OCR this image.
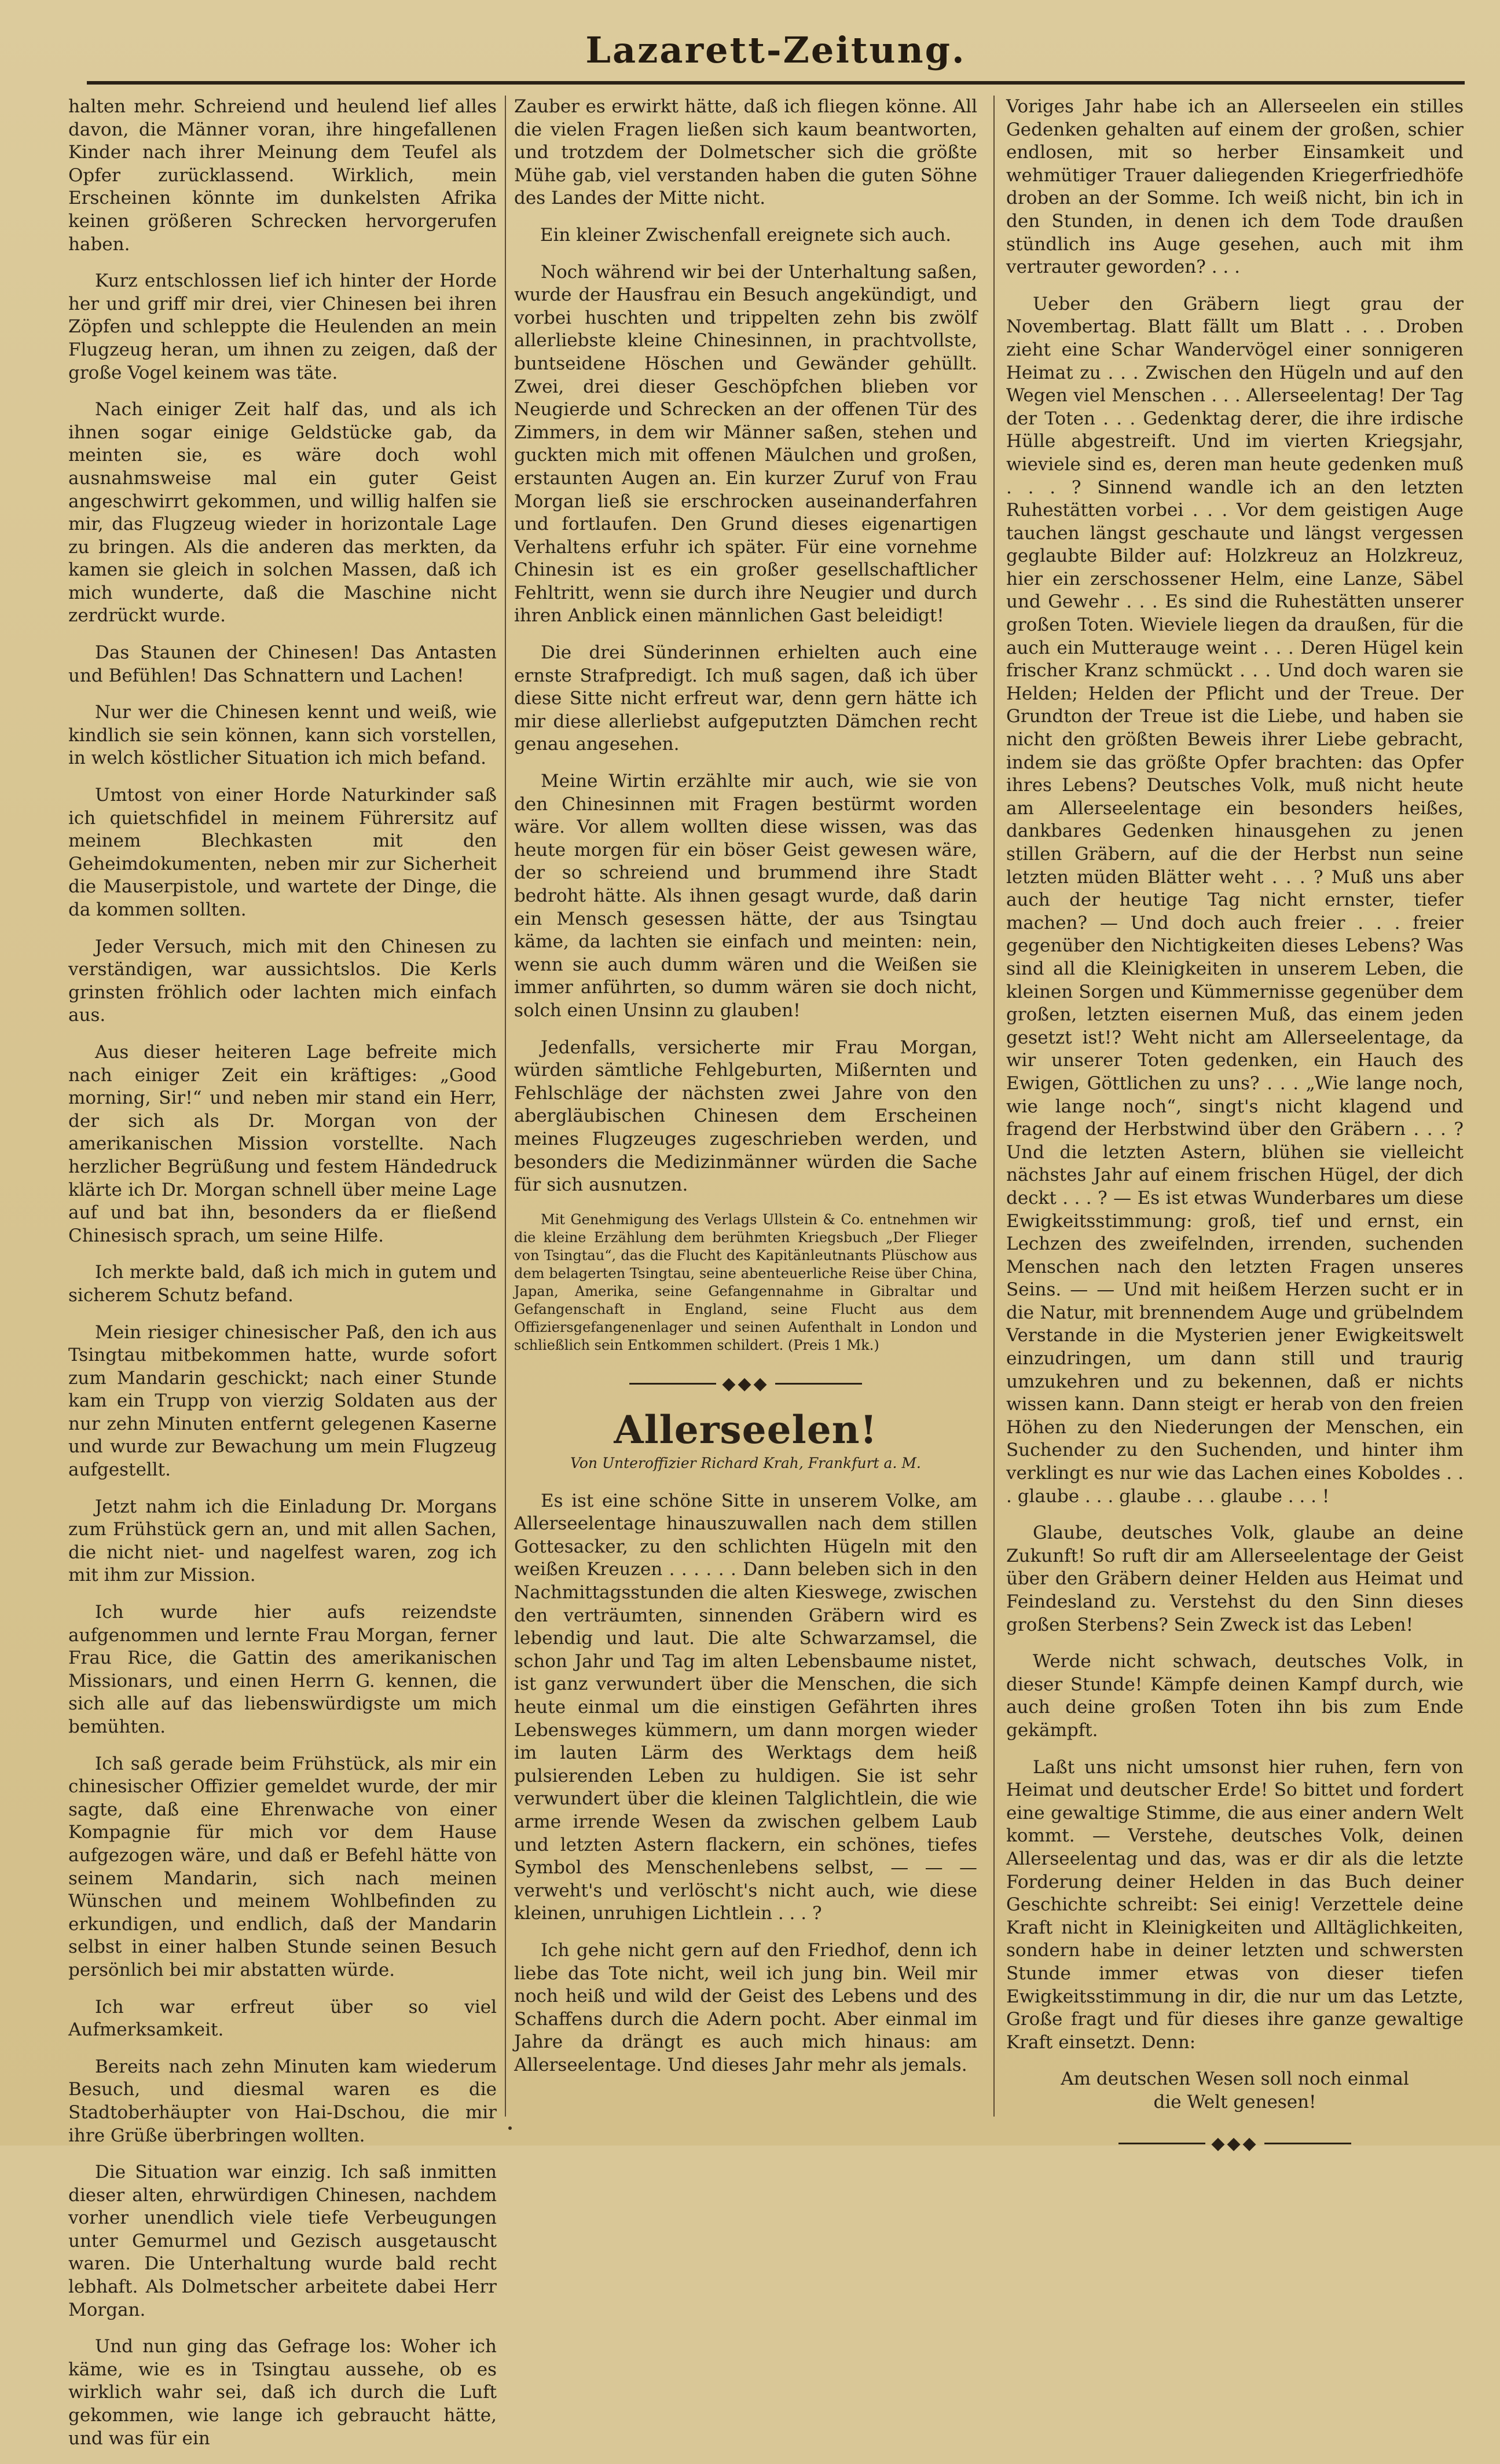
Lazarett-Zeitung.

halten mehr. Schreiend und heulend lief alles davon, die Männer voran, ihre hingefallenen Kinder nach ihrer Meinung dem Teufel als Opfer zurücklassend. Wirklich, mein Erscheinen könnte im dunkelsten Afrika keinen größeren Schrecken hervorgerufen haben.

Kurz entschlossen lief ich hinter der Horde her und griff mir drei, vier Chinesen bei ihren Zöpfen und schleppte die Heulenden an mein Flugzeug heran, um ihnen zu zeigen, daß der große Vogel keinem was täte.

Nach einiger Zeit half das, und als ich ihnen sogar einige Geldstücke gab, da meinten sie, es wäre doch wohl ausnahmsweise mal ein guter Geist angeschwirrt gekommen, und willig halfen sie mir, das Flugzeug wieder in horizontale Lage zu bringen. Als die anderen das merkten, da kamen sie gleich in solchen Massen, daß ich mich wunderte, daß die Maschine nicht zerdrückt wurde.

Das Staunen der Chinesen! Das Antasten und Befühlen! Das Schnattern und Lachen!

Nur wer die Chinesen kennt und weiß, wie kindlich sie sein können, kann sich vorstellen, in welch köstlicher Situation ich mich befand.

Umtost von einer Horde Naturkinder saß ich quietschfidel in meinem Führersitz auf meinem Blechkasten mit den Geheimdokumenten, neben mir zur Sicherheit die Mauserpistole, und wartete der Dinge, die da kommen sollten.

Jeder Versuch, mich mit den Chinesen zu verständigen, war aussichtslos. Die Kerls grinsten fröhlich oder lachten mich einfach aus.

Aus dieser heiteren Lage befreite mich nach einiger Zeit ein kräftiges: „Good morning, Sir!“ und neben mir stand ein Herr, der sich als Dr. Morgan von der amerikanischen Mission vorstellte. Nach herzlicher Begrüßung und festem Händedruck klärte ich Dr. Morgan schnell über meine Lage auf und bat ihn, besonders da er fließend Chinesisch sprach, um seine Hilfe.

Ich merkte bald, daß ich mich in gutem und sicherem Schutz befand.

Mein riesiger chinesischer Paß, den ich aus Tsingtau mitbekommen hatte, wurde sofort zum Mandarin geschickt; nach einer Stunde kam ein Trupp von vierzig Soldaten aus der nur zehn Minuten entfernt gelegenen Kaserne und wurde zur Bewachung um mein Flugzeug aufgestellt.

Jetzt nahm ich die Einladung Dr. Morgans zum Frühstück gern an, und mit allen Sachen, die nicht niet- und nagelfest waren, zog ich mit ihm zur Mission.

Ich wurde hier aufs reizendste aufgenommen und lernte Frau Morgan, ferner Frau Rice, die Gattin des amerikanischen Missionars, und einen Herrn G. kennen, die sich alle auf das liebenswürdigste um mich bemühten.

Ich saß gerade beim Frühstück, als mir ein chinesischer Offizier gemeldet wurde, der mir sagte, daß eine Ehrenwache von einer Kompagnie für mich vor dem Hause aufgezogen wäre, und daß er Befehl hätte von seinem Mandarin, sich nach meinen Wünschen und meinem Wohlbefinden zu erkundigen, und endlich, daß der Mandarin selbst in einer halben Stunde seinen Besuch persönlich bei mir abstatten würde.

Ich war erfreut über so viel Aufmerksamkeit.

Bereits nach zehn Minuten kam wiederum Besuch, und diesmal waren es die Stadtoberhäupter von Hai-Dschou, die mir ihre Grüße überbringen wollten.

Die Situation war einzig. Ich saß inmitten dieser alten, ehrwürdigen Chinesen, nachdem vorher unendlich viele tiefe Verbeugungen unter Gemurmel und Gezisch ausgetauscht waren. Die Unterhaltung wurde bald recht lebhaft. Als Dolmetscher arbeitete dabei Herr Morgan.

Und nun ging das Gefrage los: Woher ich käme, wie es in Tsingtau aussehe, ob es wirklich wahr sei, daß ich durch die Luft gekommen, wie lange ich gebraucht hätte, und was für ein

Zauber es erwirkt hätte, daß ich fliegen könne. All die vielen Fragen ließen sich kaum beantworten, und trotzdem der Dolmetscher sich die größte Mühe gab, viel verstanden haben die guten Söhne des Landes der Mitte nicht.

Ein kleiner Zwischenfall ereignete sich auch.

Noch während wir bei der Unterhaltung saßen, wurde der Hausfrau ein Besuch angekündigt, und vorbei huschten und trippelten zehn bis zwölf allerliebste kleine Chinesinnen, in prachtvollste, buntseidene Höschen und Gewänder gehüllt. Zwei, drei dieser Geschöpfchen blieben vor Neugierde und Schrecken an der offenen Tür des Zimmers, in dem wir Männer saßen, stehen und guckten mich mit offenen Mäulchen und großen, erstaunten Augen an. Ein kurzer Zuruf von Frau Morgan ließ sie erschrocken auseinanderfahren und fortlaufen. Den Grund dieses eigenartigen Verhaltens erfuhr ich später. Für eine vornehme Chinesin ist es ein großer gesellschaftlicher Fehltritt, wenn sie durch ihre Neugier und durch ihren Anblick einen männlichen Gast beleidigt!

Die drei Sünderinnen erhielten auch eine ernste Strafpredigt. Ich muß sagen, daß ich über diese Sitte nicht erfreut war, denn gern hätte ich mir diese allerliebst aufgeputzten Dämchen recht genau angesehen.

Meine Wirtin erzählte mir auch, wie sie von den Chinesinnen mit Fragen bestürmt worden wäre. Vor allem wollten diese wissen, was das heute morgen für ein böser Geist gewesen wäre, der so schreiend und brummend ihre Stadt bedroht hätte. Als ihnen gesagt wurde, daß darin ein Mensch gesessen hätte, der aus Tsingtau käme, da lachten sie einfach und meinten: nein, wenn sie auch dumm wären und die Weißen sie immer anführten, so dumm wären sie doch nicht, solch einen Unsinn zu glauben!

Jedenfalls, versicherte mir Frau Morgan, würden sämtliche Fehlgeburten, Mißernten und Fehlschläge der nächsten zwei Jahre von den abergläubischen Chinesen dem Erscheinen meines Flugzeuges zugeschrieben werden, und besonders die Medizinmänner würden die Sache für sich ausnutzen.

Mit Genehmigung des Verlags Ullstein & Co. entnehmen wir die kleine Erzählung dem berühmten Kriegsbuch „Der Flieger von Tsingtau“, das die Flucht des Kapitänleutnants Plüschow aus dem belagerten Tsingtau, seine abenteuerliche Reise über China, Japan, Amerika, seine Gefangennahme in Gibraltar und Gefangenschaft in England, seine Flucht aus dem Offiziersgefangenenlager und seinen Aufenthalt in London und schließlich sein Entkommen schildert. (Preis 1 Mk.)

◆◆◆
Allerseelen!
Von Unteroffizier Richard Krah, Frankfurt a. M.

Es ist eine schöne Sitte in unserem Volke, am Allerseelentage hinauszuwallen nach dem stillen Gottesacker, zu den schlichten Hügeln mit den weißen Kreuzen . . . . . . Dann beleben sich in den Nachmittagsstunden die alten Kieswege, zwischen den verträumten, sinnenden Gräbern wird es lebendig und laut. Die alte Schwarzamsel, die schon Jahr und Tag im alten Lebensbaume nistet, ist ganz verwundert über die Menschen, die sich heute einmal um die einstigen Gefährten ihres Lebensweges kümmern, um dann morgen wieder im lauten Lärm des Werktags dem heiß pulsierenden Leben zu huldigen. Sie ist sehr verwundert über die kleinen Talglichtlein, die wie arme irrende Wesen da zwischen gelbem Laub und letzten Astern flackern, ein schönes, tiefes Symbol des Menschenlebens selbst, — — — verweht's und verlöscht's nicht auch, wie diese kleinen, unruhigen Lichtlein . . . ?

Ich gehe nicht gern auf den Friedhof, denn ich liebe das Tote nicht, weil ich jung bin. Weil mir noch heiß und wild der Geist des Lebens und des Schaffens durch die Adern pocht. Aber einmal im Jahre da drängt es auch mich hinaus: am Allerseelentage. Und dieses Jahr mehr als jemals.

Voriges Jahr habe ich an Allerseelen ein stilles Gedenken gehalten auf einem der großen, schier endlosen, mit so herber Einsamkeit und wehmütiger Trauer daliegenden Kriegerfriedhöfe droben an der Somme. Ich weiß nicht, bin ich in den Stunden, in denen ich dem Tode draußen stündlich ins Auge gesehen, auch mit ihm vertrauter geworden? . . .

Ueber den Gräbern liegt grau der Novembertag. Blatt fällt um Blatt . . . Droben zieht eine Schar Wandervögel einer sonnigeren Heimat zu . . . Zwischen den Hügeln und auf den Wegen viel Menschen . . . Allerseelentag! Der Tag der Toten . . . Gedenktag derer, die ihre irdische Hülle abgestreift. Und im vierten Kriegsjahr, wieviele sind es, deren man heute gedenken muß . . . ? Sinnend wandle ich an den letzten Ruhestätten vorbei . . . Vor dem geistigen Auge tauchen längst geschaute und längst vergessen geglaubte Bilder auf: Holzkreuz an Holzkreuz, hier ein zerschossener Helm, eine Lanze, Säbel und Gewehr . . . Es sind die Ruhestätten unserer großen Toten. Wieviele liegen da draußen, für die auch ein Mutterauge weint . . . Deren Hügel kein frischer Kranz schmückt . . . Und doch waren sie Helden; Helden der Pflicht und der Treue. Der Grundton der Treue ist die Liebe, und haben sie nicht den größten Beweis ihrer Liebe gebracht, indem sie das größte Opfer brachten: das Opfer ihres Lebens? Deutsches Volk, muß nicht heute am Allerseelentage ein besonders heißes, dankbares Gedenken hinausgehen zu jenen stillen Gräbern, auf die der Herbst nun seine letzten müden Blätter weht . . . ? Muß uns aber auch der heutige Tag nicht ernster, tiefer machen? — Und doch auch freier . . . freier gegenüber den Nichtigkeiten dieses Lebens? Was sind all die Kleinigkeiten in unserem Leben, die kleinen Sorgen und Kümmernisse gegenüber dem großen, letzten eisernen Muß, das einem jeden gesetzt ist!? Weht nicht am Allerseelentage, da wir unserer Toten gedenken, ein Hauch des Ewigen, Göttlichen zu uns? . . . „Wie lange noch, wie lange noch“, singt's nicht klagend und fragend der Herbstwind über den Gräbern . . . ? Und die letzten Astern, blühen sie vielleicht nächstes Jahr auf einem frischen Hügel, der dich deckt . . . ? — Es ist etwas Wunderbares um diese Ewigkeitsstimmung: groß, tief und ernst, ein Lechzen des zweifelnden, irrenden, suchenden Menschen nach den letzten Fragen unseres Seins. — — Und mit heißem Herzen sucht er in die Natur, mit brennendem Auge und grübelndem Verstande in die Mysterien jener Ewigkeitswelt einzudringen, um dann still und traurig umzukehren und zu bekennen, daß er nichts wissen kann. Dann steigt er herab von den freien Höhen zu den Niederungen der Menschen, ein Suchender zu den Suchenden, und hinter ihm verklingt es nur wie das Lachen eines Koboldes . . . glaube . . . glaube . . . glaube . . . !

Glaube, deutsches Volk, glaube an deine Zukunft! So ruft dir am Allerseelentage der Geist über den Gräbern deiner Helden aus Heimat und Feindesland zu. Verstehst du den Sinn dieses großen Sterbens? Sein Zweck ist das Leben!

Werde nicht schwach, deutsches Volk, in dieser Stunde! Kämpfe deinen Kampf durch, wie auch deine großen Toten ihn bis zum Ende gekämpft.

Laßt uns nicht umsonst hier ruhen, fern von Heimat und deutscher Erde! So bittet und fordert eine gewaltige Stimme, die aus einer andern Welt kommt. — Verstehe, deutsches Volk, deinen Allerseelentag und das, was er dir als die letzte Forderung deiner Helden in das Buch deiner Geschichte schreibt: Sei einig! Verzettele deine Kraft nicht in Kleinigkeiten und Alltäglichkeiten, sondern habe in deiner letzten und schwersten Stunde immer etwas von dieser tiefen Ewigkeitsstimmung in dir, die nur um das Letzte, Große fragt und für dieses ihre ganze gewaltige Kraft einsetzt. Denn:

Am deutschen Wesen soll noch einmal

die Welt genesen!

◆◆◆
